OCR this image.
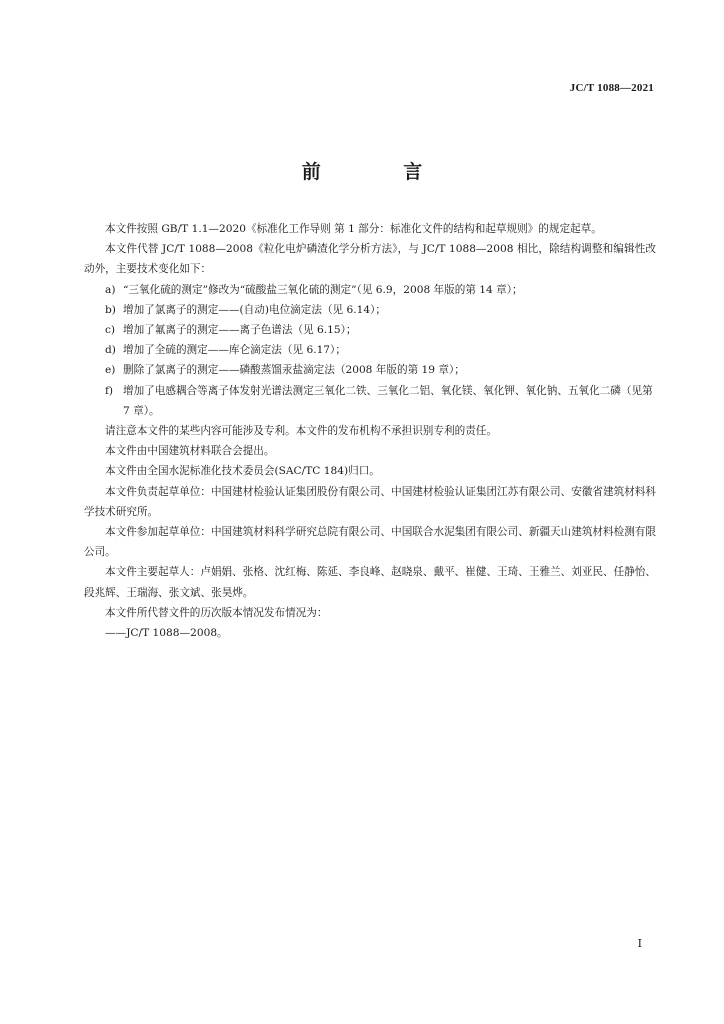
JC/T 1088—2021
前 言

本文件按照 GB/T 1.1—2020《标准化工作导则 第 1 部分：标准化文件的结构和起草规则》的规定起草。

本文件代替 JC/T 1088—2008《粒化电炉磷渣化学分析方法》，与 JC/T 1088—2008 相比，除结构调整和编辑性改动外，主要技术变化如下：

a) “三氧化硫的测定”修改为“硫酸盐三氧化硫的测定”（见 6.9，2008 年版的第 14 章）；

b) 增加了氯离子的测定——(自动)电位滴定法（见 6.14）；

c) 增加了氟离子的测定——离子色谱法（见 6.15）；

d) 增加了全硫的测定——库仑滴定法（见 6.17）；

e) 删除了氯离子的测定——磷酸蒸馏汞盐滴定法（2008 年版的第 19 章）；

f) 增加了电感耦合等离子体发射光谱法测定三氧化二铁、三氧化二铝、氧化镁、氧化钾、氧化钠、五氧化二磷（见第 7 章）。

请注意本文件的某些内容可能涉及专利。本文件的发布机构不承担识别专利的责任。

本文件由中国建筑材料联合会提出。

本文件由全国水泥标准化技术委员会(SAC/TC 184)归口。

本文件负责起草单位：中国建材检验认证集团股份有限公司、中国建材检验认证集团江苏有限公司、安徽省建筑材料科学技术研究所。

本文件参加起草单位：中国建筑材料科学研究总院有限公司、中国联合水泥集团有限公司、新疆天山建筑材料检测有限公司。

本文件主要起草人：卢娟娟、张格、沈红梅、陈延、李良峰、赵晓泉、戴平、崔健、王琦、王雅兰、刘亚民、任静怡、段兆辉、王瑞海、张文斌、张昊烨。

本文件所代替文件的历次版本情况发布情况为：

——JC/T 1088—2008。

I
